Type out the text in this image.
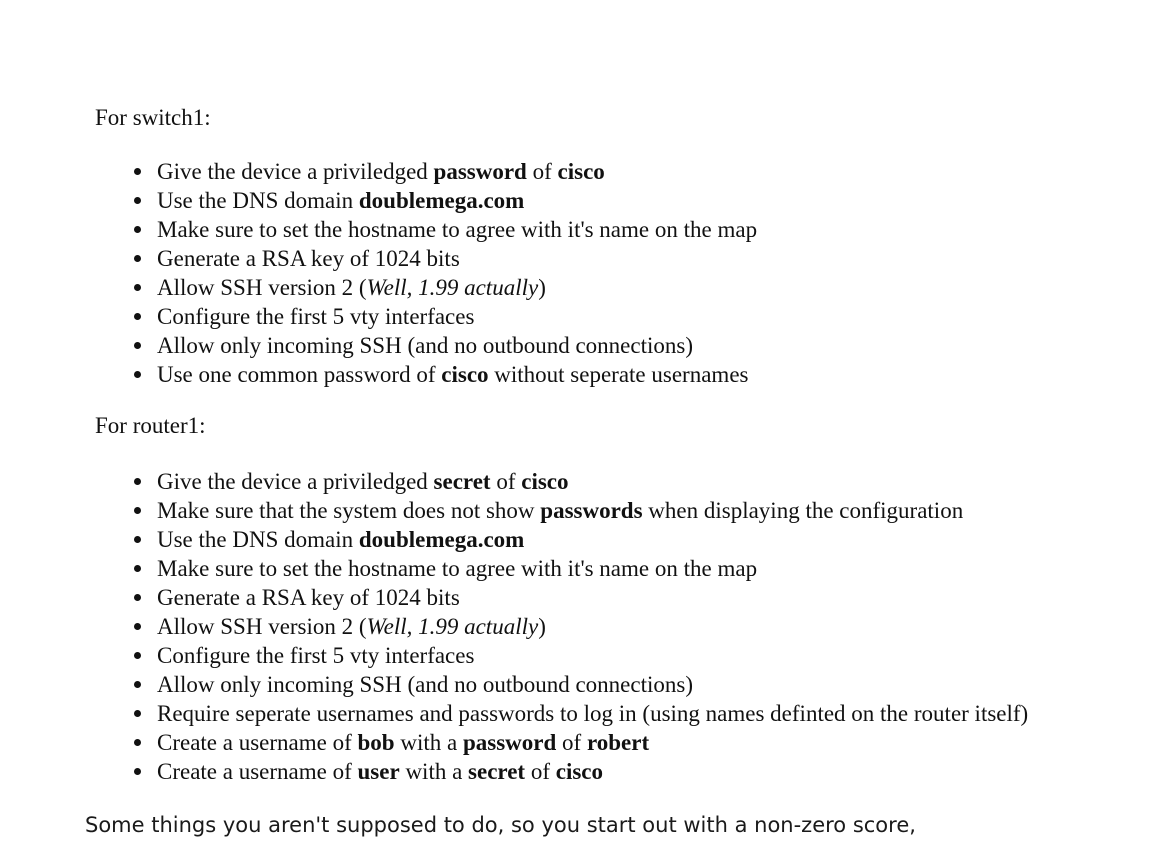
For switch1:
Give the device a priviledged password of cisco
Use the DNS domain doublemega.com
Make sure to set the hostname to agree with it's name on the map
Generate a RSA key of 1024 bits
Allow SSH version 2 (Well, 1.99 actually)
Configure the first 5 vty interfaces
Allow only incoming SSH (and no outbound connections)
Use one common password of cisco without seperate usernames
For router1:
Give the device a priviledged secret of cisco
Make sure that the system does not show passwords when displaying the configuration
Use the DNS domain doublemega.com
Make sure to set the hostname to agree with it's name on the map
Generate a RSA key of 1024 bits
Allow SSH version 2 (Well, 1.99 actually)
Configure the first 5 vty interfaces
Allow only incoming SSH (and no outbound connections)
Require seperate usernames and passwords to log in (using names definted on the router itself)
Create a username of bob with a password of robert
Create a username of user with a secret of cisco

Some things you aren't supposed to do, so you start out with a non-zero score,
